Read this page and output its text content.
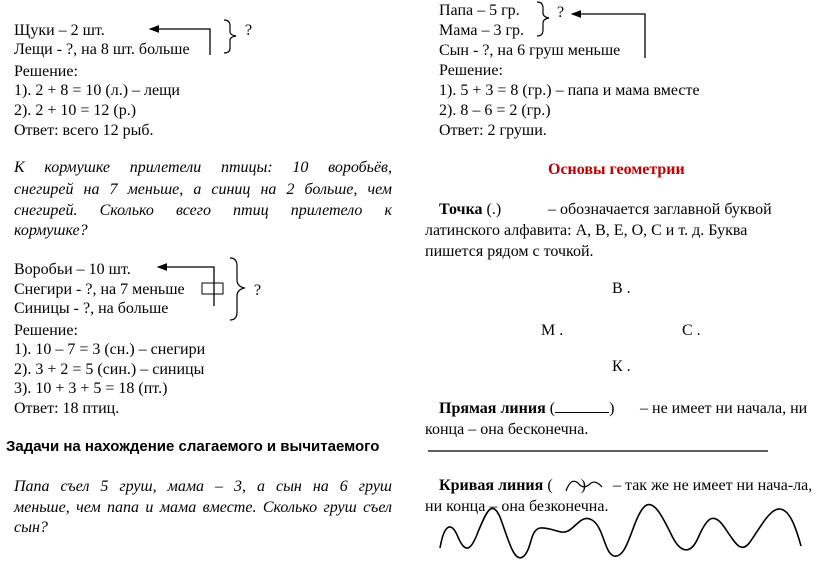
Щуки – 2 шт.
Лещи - ?, на 8 шт. больше
?
Решение:
1). 2 + 8 = 10 (л.) – лещи
2). 2 + 10 = 12 (р.)
Ответ: всего 12 рыб.
К кормушке прилетели птицы: 10 воробьёв,
снегирей на 7 меньше, а синиц на 2 больше, чем
снегирей. Сколько всего птиц прилетело к
кормушке?
Воробьи – 10 шт.
Снегири - ?, на 7 меньше
Синицы - ?, на больше
?
Решение:
1). 10 – 7 = 3 (сн.) – снегири
2). 3 + 2 = 5 (син.) – синицы
3). 10 + 3 + 5 = 18 (пт.)
Ответ: 18 птиц.
Задачи на нахождение слагаемого и вычитаемого
Папа съел 5 груш, мама – 3, а сын на 6 груш
меньше, чем папа и мама вместе. Сколько груш съел
сын?
Папа – 5 гр.
Мама – 3 гр.
Сын - ?, на 6 груш меньше
?
Решение:
1). 5 + 3 = 8 (гр.) – папа и мама вместе
2). 8 – 6 = 2 (гр.)
Ответ: 2 груши.
Основы геометрии
Точка (.)	– обозначается заглавной буквой
латинского алфавита: А, В, Е, О, С и т. д. Буква
пишется рядом с точкой.
В .
М .	С .
К .
Прямая линия (	) – не имеет ни начала, ни
конца – она бесконечна.
Кривая линия ( ) – так же не имеет ни нача-ла,
ни конца – она безконечна.
